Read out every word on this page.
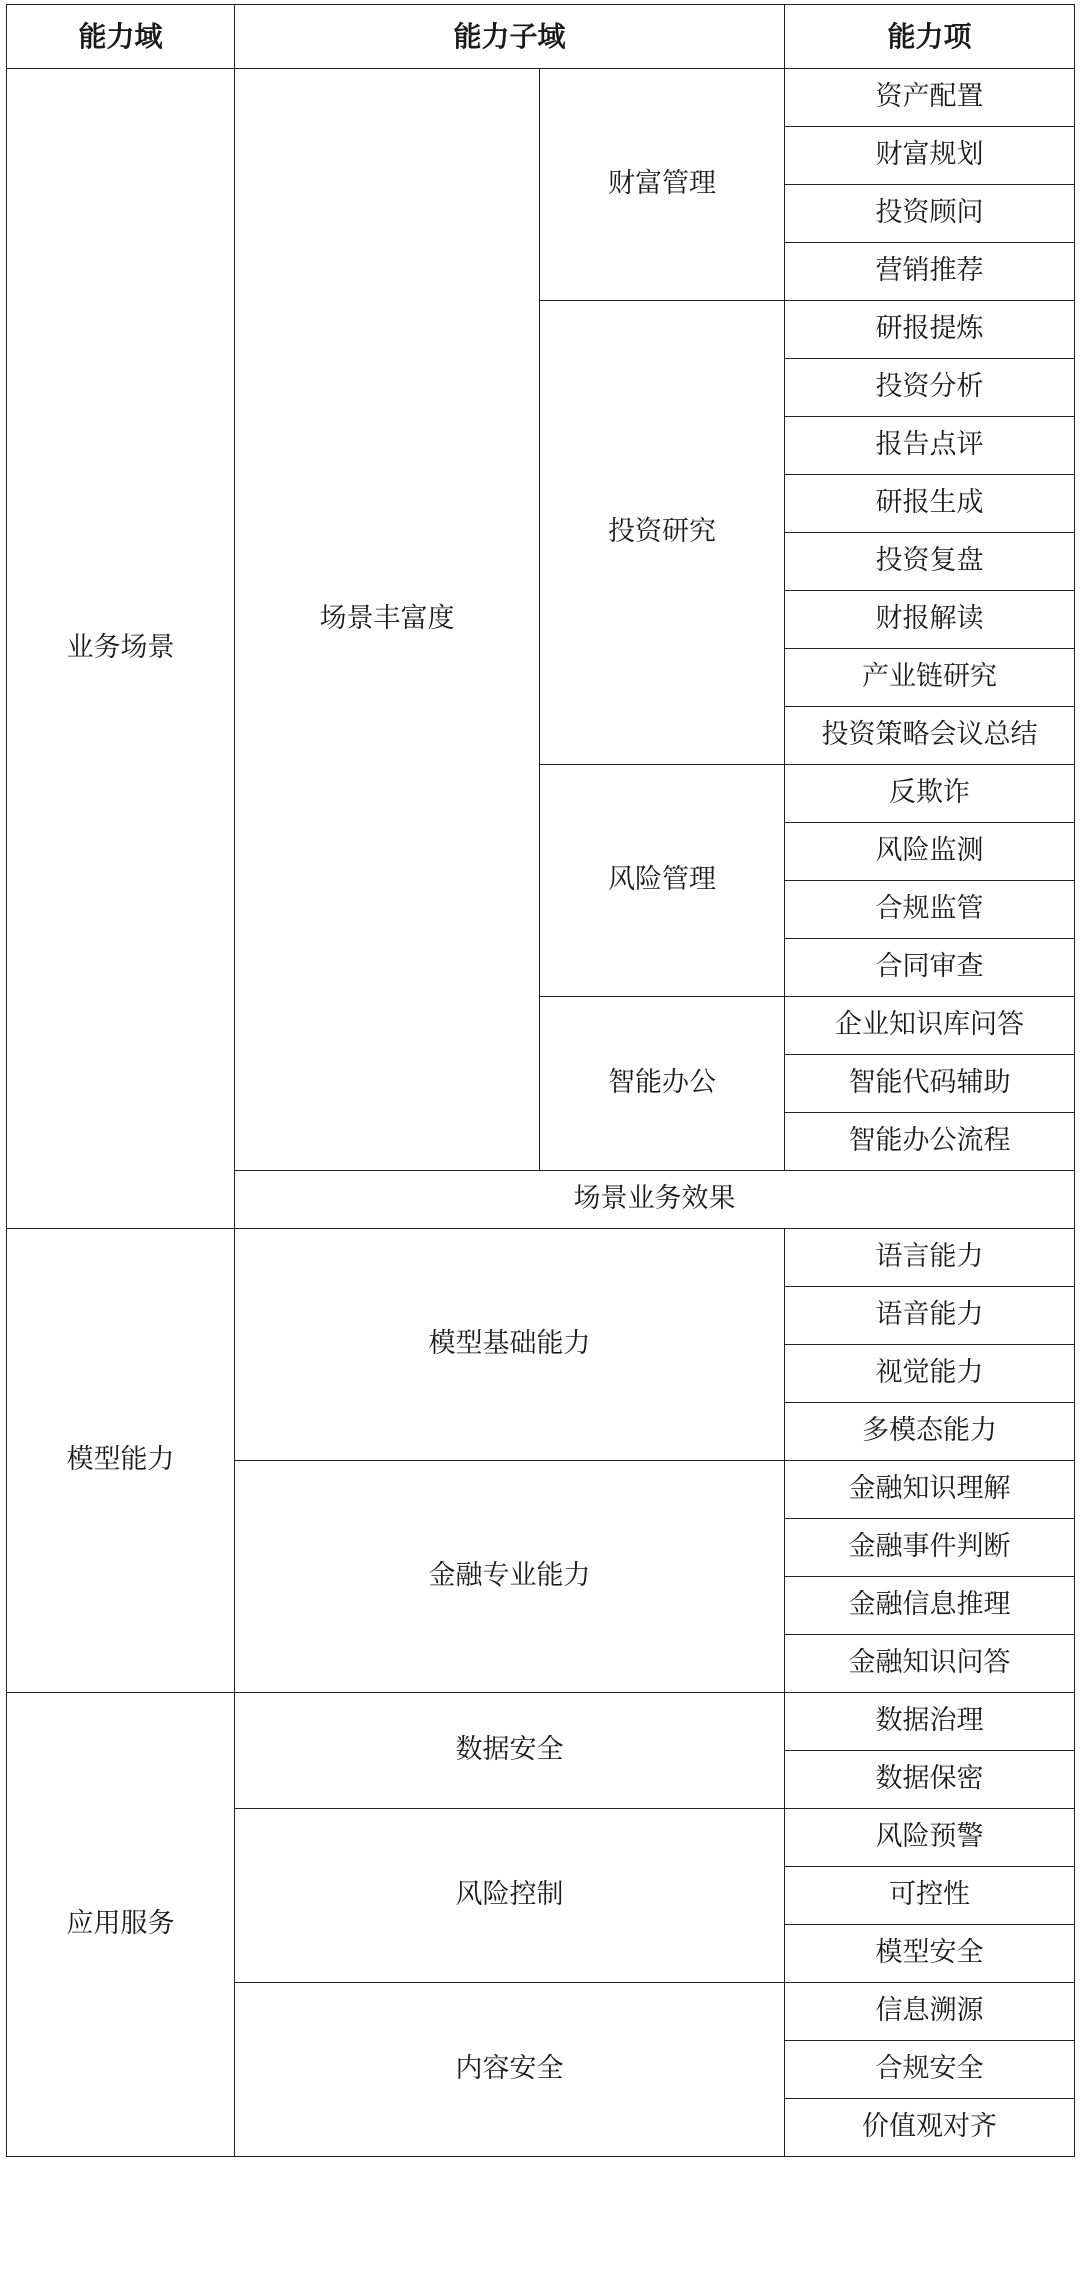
能力域	能力子域		能力项
业务场景	场景丰富度	财富管理	资产配置
			财富规划
			投资顾问
			营销推荐
		投资研究	研报提炼
			投资分析
			报告点评
			研报生成
			投资复盘
			财报解读
			产业链研究
			投资策略会议总结
		风险管理	反欺诈
			风险监测
			合规监管
			合同审查
		智能办公	企业知识库问答
			智能代码辅助
			智能办公流程
	场景业务效果		
模型能力	模型基础能力		语言能力
			语音能力
			视觉能力
			多模态能力
	金融专业能力		金融知识理解
			金融事件判断
			金融信息推理
			金融知识问答
应用服务	数据安全		数据治理
			数据保密
	风险控制		风险预警
			可控性
			模型安全
	内容安全		信息溯源
			合规安全
			价值观对齐
